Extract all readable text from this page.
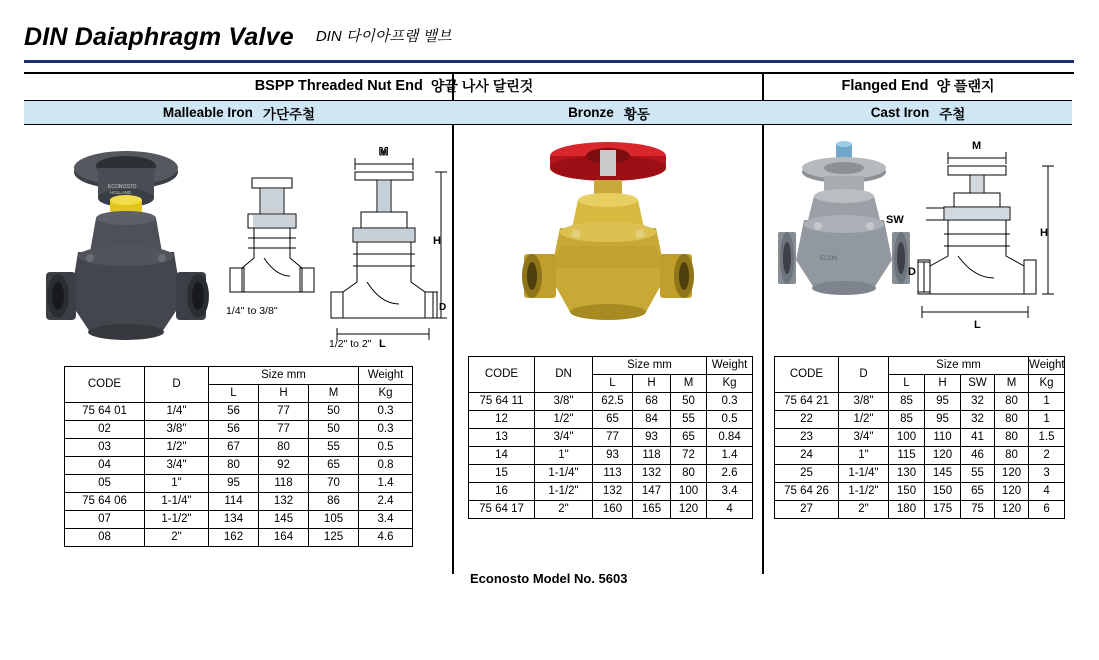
DIN Daiaphragm Valve DIN 다이아프램 밸브
BSPP Threaded Nut End 양끝 나사 달린것
Malleable Iron 가단주철
ECONOSTO
HOLLAND
1/4'' to 3/8''
M
H
D
L
1/2" to 2"
CODE	D	Size mm			Weight
		L	H	M	Kg
75 64 01	1/4"	56	77	50	0.3
02	3/8"	56	77	50	0.3
03	1/2"	67	80	55	0.5
04	3/4"	80	92	65	0.8
05	1"	95	118	70	1.4
75 64 06	1-1/4"	114	132	86	2.4
07	1-1/2"	134	145	105	3.4
08	2"	162	164	125	4.6
Bronze 황동
CODE	DN	Size mm			Weight
		L	H	M	Kg
75 64 11	3/8"	62.5	68	50	0.3
12	1/2"	65	84	55	0.5
13	3/4"	77	93	65	0.84
14	1"	93	118	72	1.4
15	1-1/4"	113	132	80	2.6
16	1-1/2"	132	147	100	3.4
75 64 17	2"	160	165	120	4
Econosto Model No. 5603
Flanged End 양 플랜지
Cast Iron 주철
ECON
M
H
L
SW
D
CODE	D	Size mm				Weight
		L	H	SW	M	Kg
75 64 21	3/8"	85	95	32	80	1
22	1/2"	85	95	32	80	1
23	3/4"	100	110	41	80	1.5
24	1"	115	120	46	80	2
25	1-1/4"	130	145	55	120	3
75 64 26	1-1/2"	150	150	65	120	4
27	2"	180	175	75	120	6
